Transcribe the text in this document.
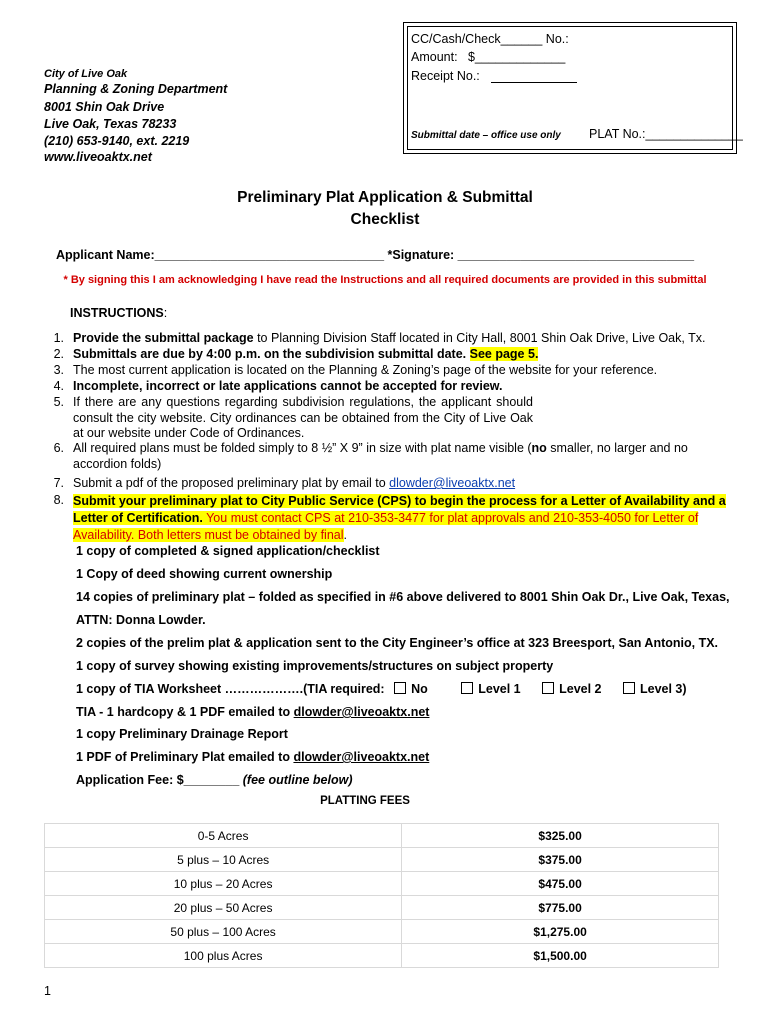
CC/Cash/Check______ No.:
Amount: $_____________
Receipt No.:
Submittal date – office use only PLAT No.:______________
City of Live Oak
Planning & Zoning Department
8001 Shin Oak Drive
Live Oak, Texas 78233
(210) 653-9140, ext. 2219
www.liveoaktx.net
Preliminary Plat Application & Submittal
Checklist
Applicant Name:_________________________________ *Signature: __________________________________
* By signing this I am acknowledging I have read the Instructions and all required documents are provided in this submittal
INSTRUCTIONS:
1. Provide the submittal package to Planning Division Staff located in City Hall, 8001 Shin Oak Drive, Live Oak, Tx.
2. Submittals are due by 4:00 p.m. on the subdivision submittal date. See page 5.
3. The most current application is located on the Planning & Zoning’s page of the website for your reference.
4. Incomplete, incorrect or late applications cannot be accepted for review.
5. If there are any questions regarding subdivision regulations, the applicant should consult the city website. City ordinances can be obtained from the City of Live Oak at our website under Code of Ordinances.
6. All required plans must be folded simply to 8 ½” X 9” in size with plat name visible (no smaller, no larger and no accordion folds)
7. Submit a pdf of the proposed preliminary plat by email to dlowder@liveoaktx.net
8. Submit your preliminary plat to City Public Service (CPS) to begin the process for a Letter of Availability and a Letter of Certification. You must contact CPS at 210-353-3477 for plat approvals and 210-353-4050 for Letter of Availability. Both letters must be obtained by final.
1 copy of completed & signed application/checklist
1 Copy of deed showing current ownership
14 copies of preliminary plat – folded as specified in #6 above delivered to 8001 Shin Oak Dr., Live Oak, Texas,
ATTN: Donna Lowder.
2 copies of the prelim plat & application sent to the City Engineer’s office at 323 Breesport, San Antonio, TX.
1 copy of survey showing existing improvements/structures on subject property
1 copy of TIA Worksheet ……………….(TIA required: No	Level 1	Level 2	Level 3)
TIA - 1 hardcopy & 1 PDF emailed to dlowder@liveoaktx.net
1 copy Preliminary Drainage Report
1 PDF of Preliminary Plat emailed to dlowder@liveoaktx.net
Application Fee: $________ (fee outline below)
PLATTING FEES
0-5 Acres	$325.00
5 plus – 10 Acres	$375.00
10 plus – 20 Acres	$475.00
20 plus – 50 Acres	$775.00
50 plus – 100 Acres	$1,275.00
100 plus Acres	$1,500.00
1
